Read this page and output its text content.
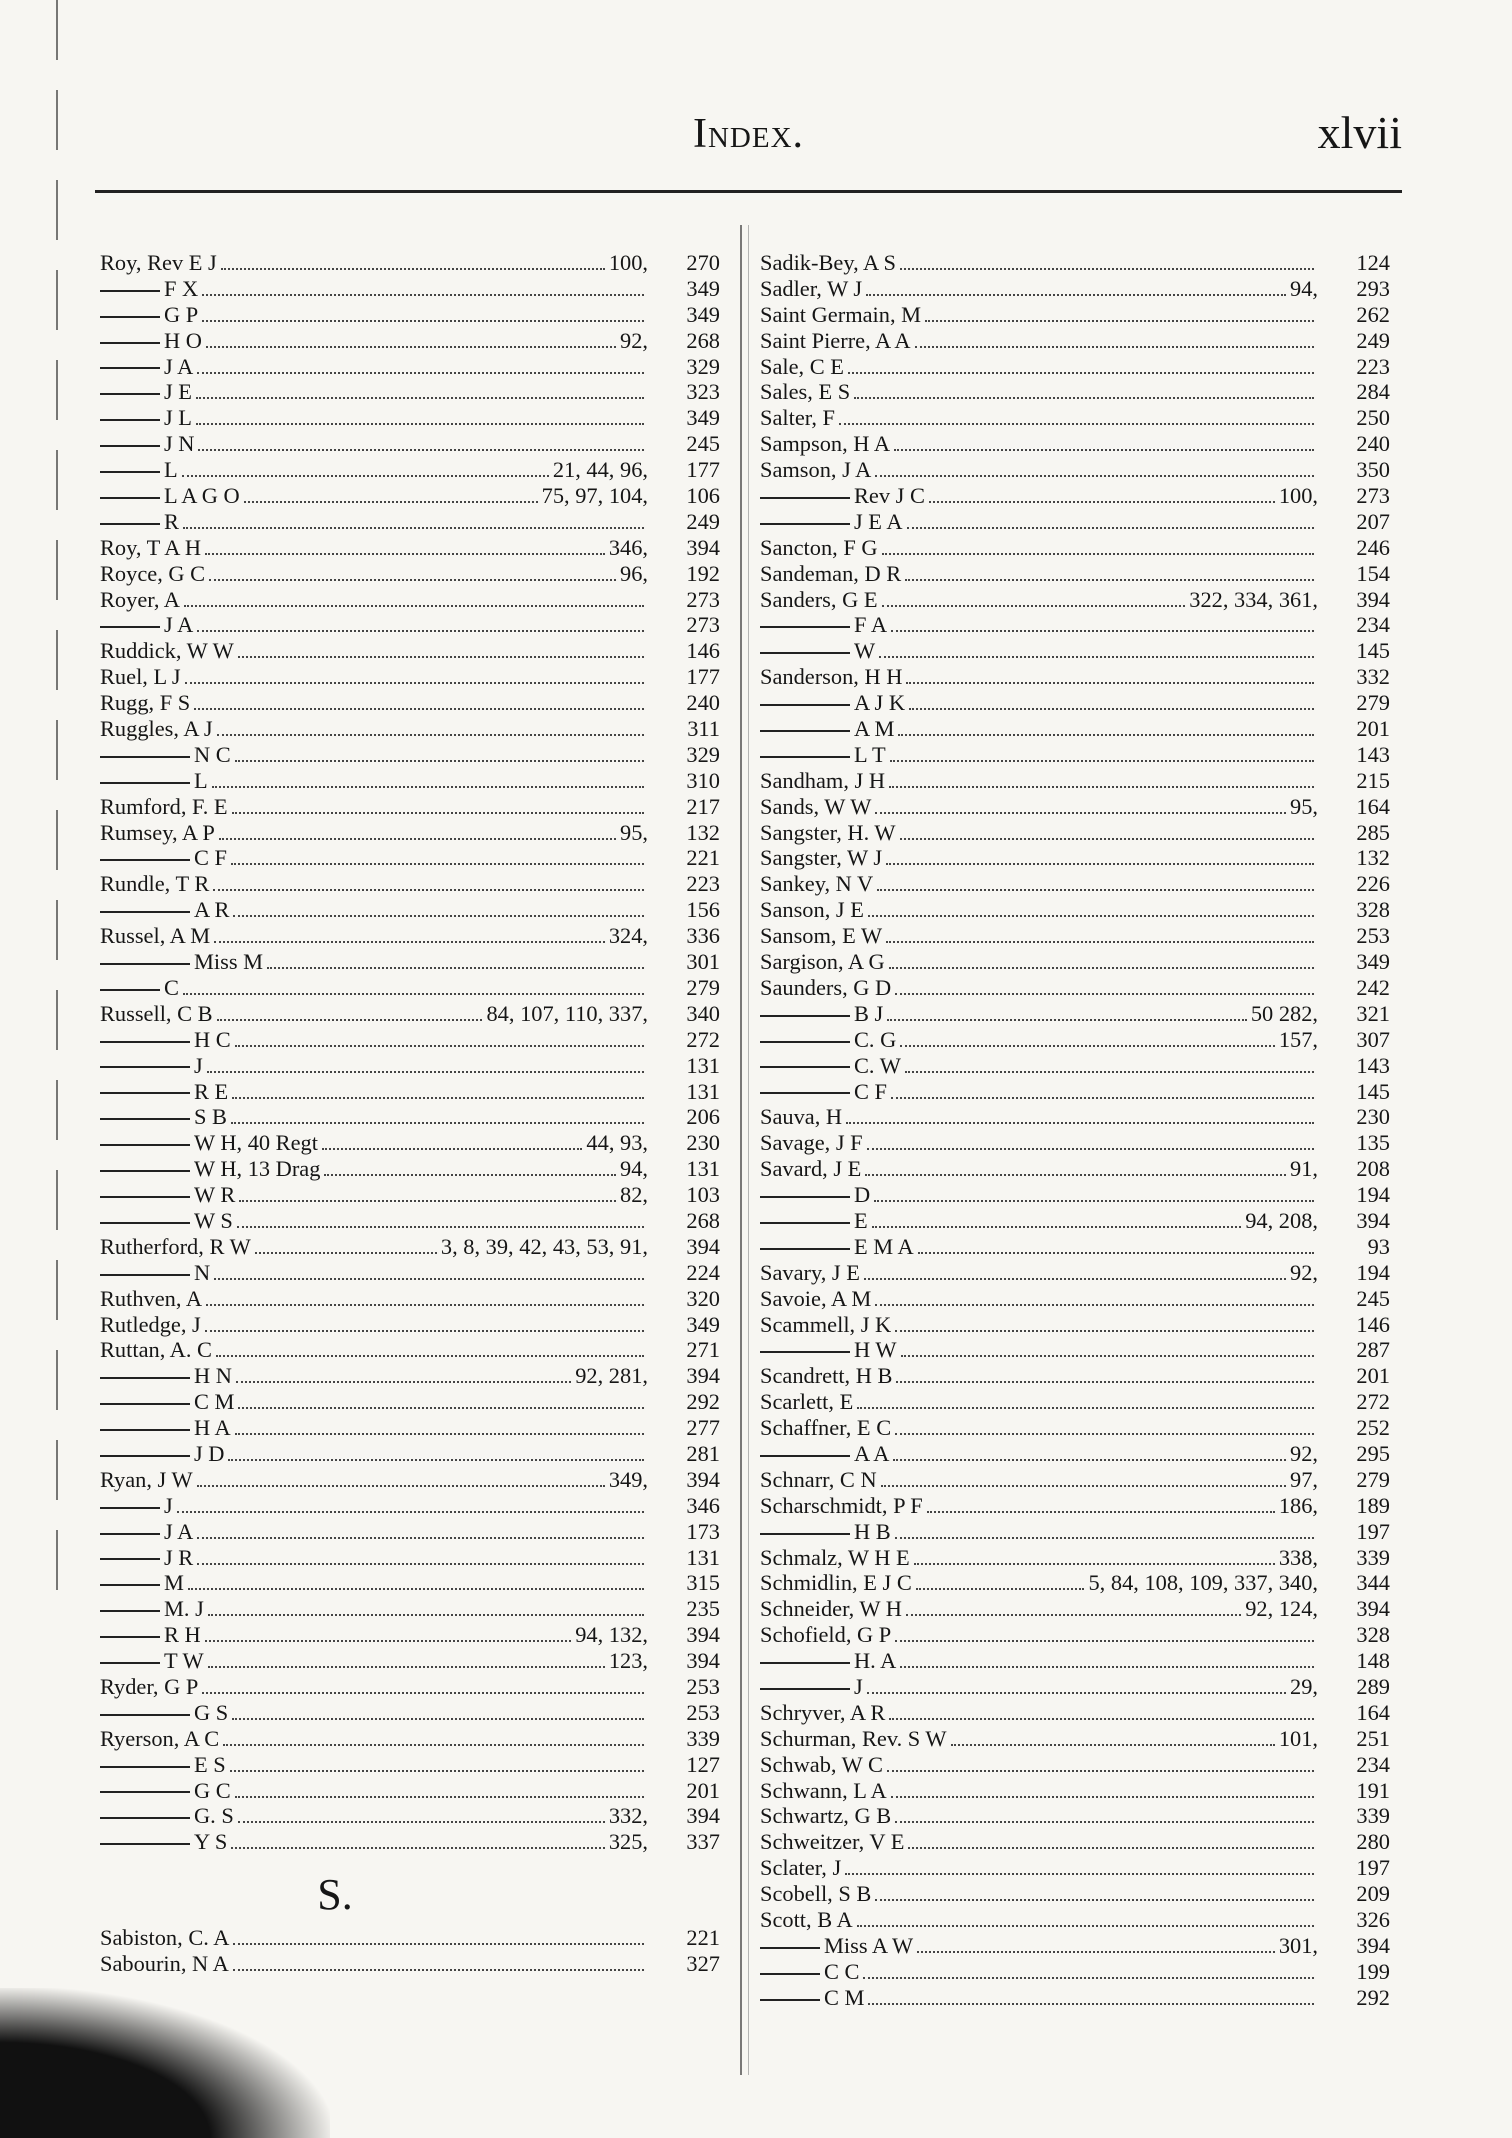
Index.	xlvii
Roy, Rev E J	100,	270
F X	349
G P	349
H O	92,	268
J A	329
J E	323
J L	349
J N	245
L	21, 44, 96,	177
L A G O	75, 97, 104,	106
R	249
Roy, T A H	346,	394
Royce, G C	96,	192
Royer, A	273
J A	273
Ruddick, W W	146
Ruel, L J	177
Rugg, F S	240
Ruggles, A J	311
N C	329
L	310
Rumford, F. E	217
Rumsey, A P	95,	132
C F	221
Rundle, T R	223
A R	156
Russel, A M	324,	336
Miss M	301
C	279
Russell, C B	84, 107, 110, 337,	340
H C	272
J	131
R E	131
S B	206
W H, 40 Regt	44, 93,	230
W H, 13 Drag	94,	131
W R	82,	103
W S	268
Rutherford, R W	3, 8, 39, 42, 43, 53, 91,	394
N	224
Ruthven, A	320
Rutledge, J	349
Ruttan, A. C	271
H N	92, 281,	394
C M	292
H A	277
J D	281
Ryan, J W	349,	394
J	346
J A	173
J R	131
M	315
M. J	235
R H	94, 132,	394
T W	123,	394
Ryder, G P	253
G S	253
Ryerson, A C	339
E S	127
G C	201
G. S	332,	394
Y S	325,	337
S.
Sabiston, C. A	221
Sabourin, N A	327
Sadik-Bey, A S	124
Sadler, W J	94,	293
Saint Germain, M	262
Saint Pierre, A A	249
Sale, C E	223
Sales, E S	284
Salter, F	250
Sampson, H A	240
Samson, J A	350
Rev J C	100,	273
J E A	207
Sancton, F G	246
Sandeman, D R	154
Sanders, G E	322, 334, 361,	394
F A	234
W	145
Sanderson, H H	332
A J K	279
A M	201
L T	143
Sandham, J H	215
Sands, W W	95,	164
Sangster, H. W	285
Sangster, W J	132
Sankey, N V	226
Sanson, J E	328
Sansom, E W	253
Sargison, A G	349
Saunders, G D	242
B J	50 282,	321
C. G	157,	307
C. W	143
C F	145
Sauva, H	230
Savage, J F	135
Savard, J E	91,	208
D	194
E	94, 208,	394
E M A	93
Savary, J E	92,	194
Savoie, A M	245
Scammell, J K	146
H W	287
Scandrett, H B	201
Scarlett, E	272
Schaffner, E C	252
A A	92,	295
Schnarr, C N	97,	279
Scharschmidt, P F	186,	189
H B	197
Schmalz, W H E	338,	339
Schmidlin, E J C	5, 84, 108, 109, 337, 340,	344
Schneider, W H	92, 124,	394
Schofield, G P	328
H. A	148
J	29,	289
Schryver, A R	164
Schurman, Rev. S W	101,	251
Schwab, W C	234
Schwann, L A	191
Schwartz, G B	339
Schweitzer, V E	280
Sclater, J	197
Scobell, S B	209
Scott, B A	326
Miss A W	301,	394
C C	199
C M	292
